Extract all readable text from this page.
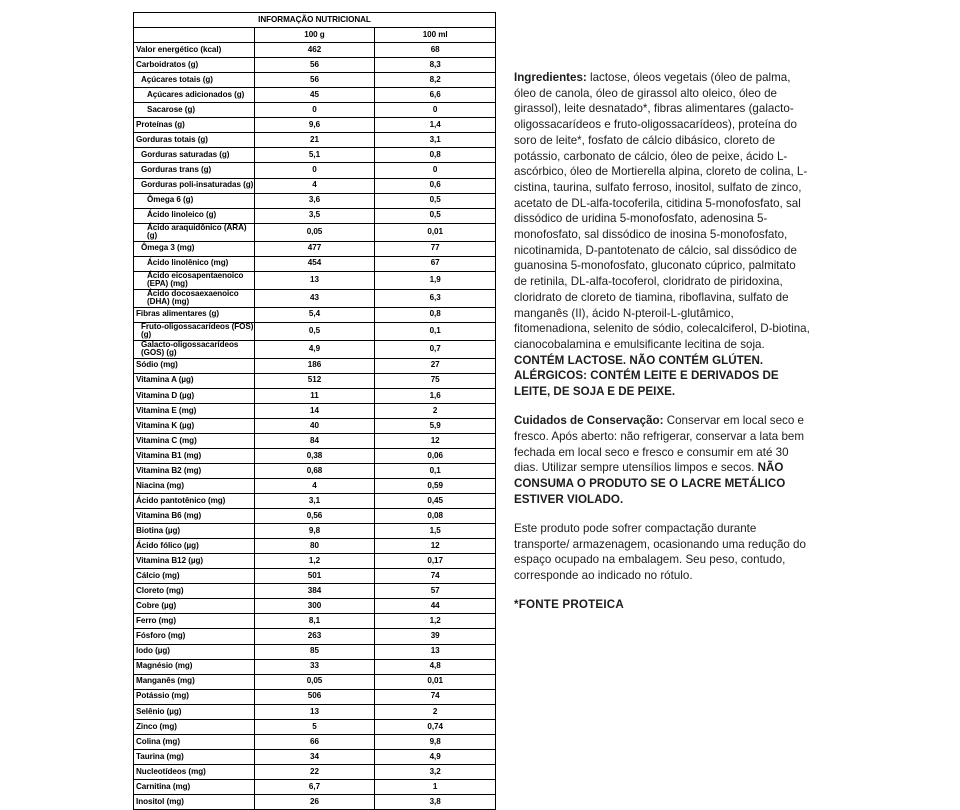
INFORMAÇÃO NUTRICIONAL		
	100 g	100 ml
Valor energético (kcal)	462	68
Carboidratos (g)	56	8,3
Açúcares totais (g)	56	8,2
Açúcares adicionados (g)	45	6,6
Sacarose (g)	0	0
Proteínas (g)	9,6	1,4
Gorduras totais (g)	21	3,1
Gorduras saturadas (g)	5,1	0,8
Gorduras trans (g)	0	0
Gorduras poli-insaturadas (g)	4	0,6
Ômega 6 (g)	3,6	0,5
Ácido linoleico (g)	3,5	0,5
Ácido araquidônico (ARA) (g)	0,05	0,01
Ômega 3 (mg)	477	77
Ácido linolênico (mg)	454	67
Ácido eicosapentaenoico (EPA) (mg)	13	1,9
Ácido docosaexaenoico (DHA) (mg)	43	6,3
Fibras alimentares (g)	5,4	0,8
Fruto-oligossacarídeos (FOS) (g)	0,5	0,1
Galacto-oligossacarídeos (GOS) (g)	4,9	0,7
Sódio (mg)	186	27
Vitamina A (µg)	512	75
Vitamina D (µg)	11	1,6
Vitamina E (mg)	14	2
Vitamina K (µg)	40	5,9
Vitamina C (mg)	84	12
Vitamina B1 (mg)	0,38	0,06
Vitamina B2 (mg)	0,68	0,1
Niacina (mg)	4	0,59
Ácido pantotênico (mg)	3,1	0,45
Vitamina B6 (mg)	0,56	0,08
Biotina (µg)	9,8	1,5
Ácido fólico (µg)	80	12
Vitamina B12 (µg)	1,2	0,17
Cálcio (mg)	501	74
Cloreto (mg)	384	57
Cobre (µg)	300	44
Ferro (mg)	8,1	1,2
Fósforo (mg)	263	39
Iodo (µg)	85	13
Magnésio (mg)	33	4,8
Manganês (mg)	0,05	0,01
Potássio (mg)	506	74
Selênio (µg)	13	2
Zinco (mg)	5	0,74
Colina (mg)	66	9,8
Taurina (mg)	34	4,9
Nucleotídeos (mg)	22	3,2
Carnitina (mg)	6,7	1
Inositol (mg)	26	3,8

Ingredientes: lactose, óleos vegetais (óleo de palma, óleo de canola, óleo de girassol alto oleico, óleo de girassol), leite desnatado*, fibras alimentares (galacto-oligossacarídeos e fruto-oligossacarídeos), proteína do soro de leite*, fosfato de cálcio dibásico, cloreto de potássio, carbonato de cálcio, óleo de peixe, ácido L-ascórbico, óleo de Mortierella alpina, cloreto de colina, L-cistina, taurina, sulfato ferroso, inositol, sulfato de zinco, acetato de DL-alfa-tocoferila, citidina 5-monofosfato, sal dissódico de uridina 5-monofosfato, adenosina 5-monofosfato, sal dissódico de inosina 5-monofosfato, nicotinamida, D-pantotenato de cálcio, sal dissódico de guanosina 5-monofosfato, gluconato cúprico, palmitato de retinila, DL-alfa-tocoferol, cloridrato de piridoxina, cloridrato de cloreto de tiamina, riboflavina, sulfato de manganês (II), ácido N-pteroil-L-glutâmico, fitomenadiona, selenito de sódio, colecalciferol, D-biotina, cianocobalamina e emulsificante lecitina de soja. CONTÉM LACTOSE. NÃO CONTÉM GLÚTEN. ALÉRGICOS: CONTÉM LEITE E DERIVADOS DE LEITE, DE SOJA E DE PEIXE.

Cuidados de Conservação: Conservar em local seco e fresco. Após aberto: não refrigerar, conservar a lata bem fechada em local seco e fresco e consumir em até 30 dias. Utilizar sempre utensílios limpos e secos. NÃO CONSUMA O PRODUTO SE O LACRE METÁLICO ESTIVER VIOLADO.

Este produto pode sofrer compactação durante transporte/ armazenagem, ocasionando uma redução do espaço ocupado na embalagem. Seu peso, contudo, corresponde ao indicado no rótulo.

*FONTE PROTEICA
